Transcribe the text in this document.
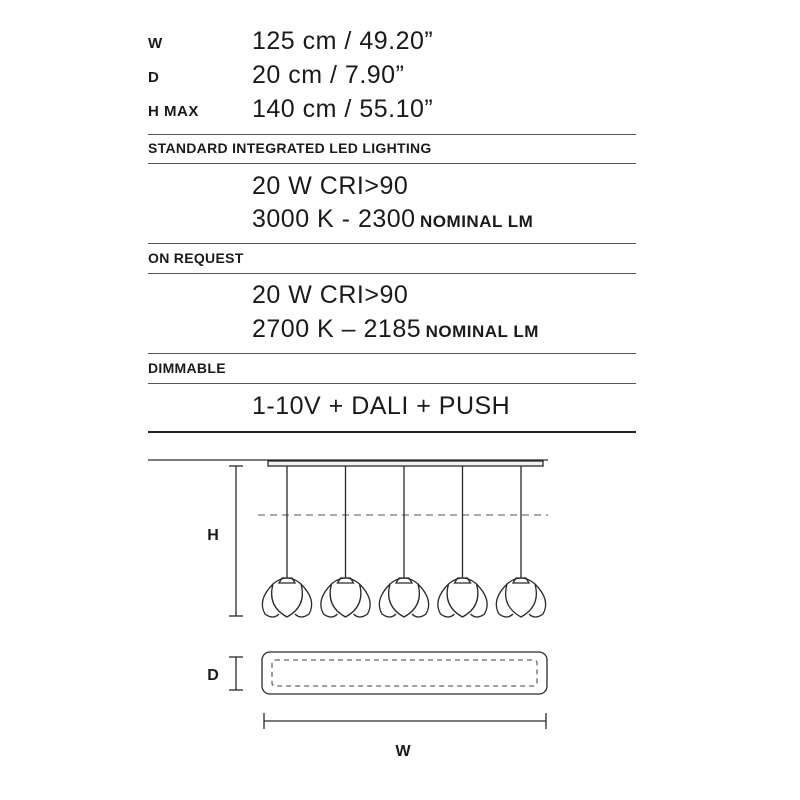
W	125 cm / 49.20”
D	20 cm / 7.90”
H MAX 140 cm / 55.10”
STANDARD INTEGRATED LED LIGHTING
20 W CRI>90
3000 K - 2300 NOMINAL LM
ON REQUEST
20 W CRI>90
2700 K – 2185 NOMINAL LM
DIMMABLE
1-10V + DALI + PUSH
H
D
W
